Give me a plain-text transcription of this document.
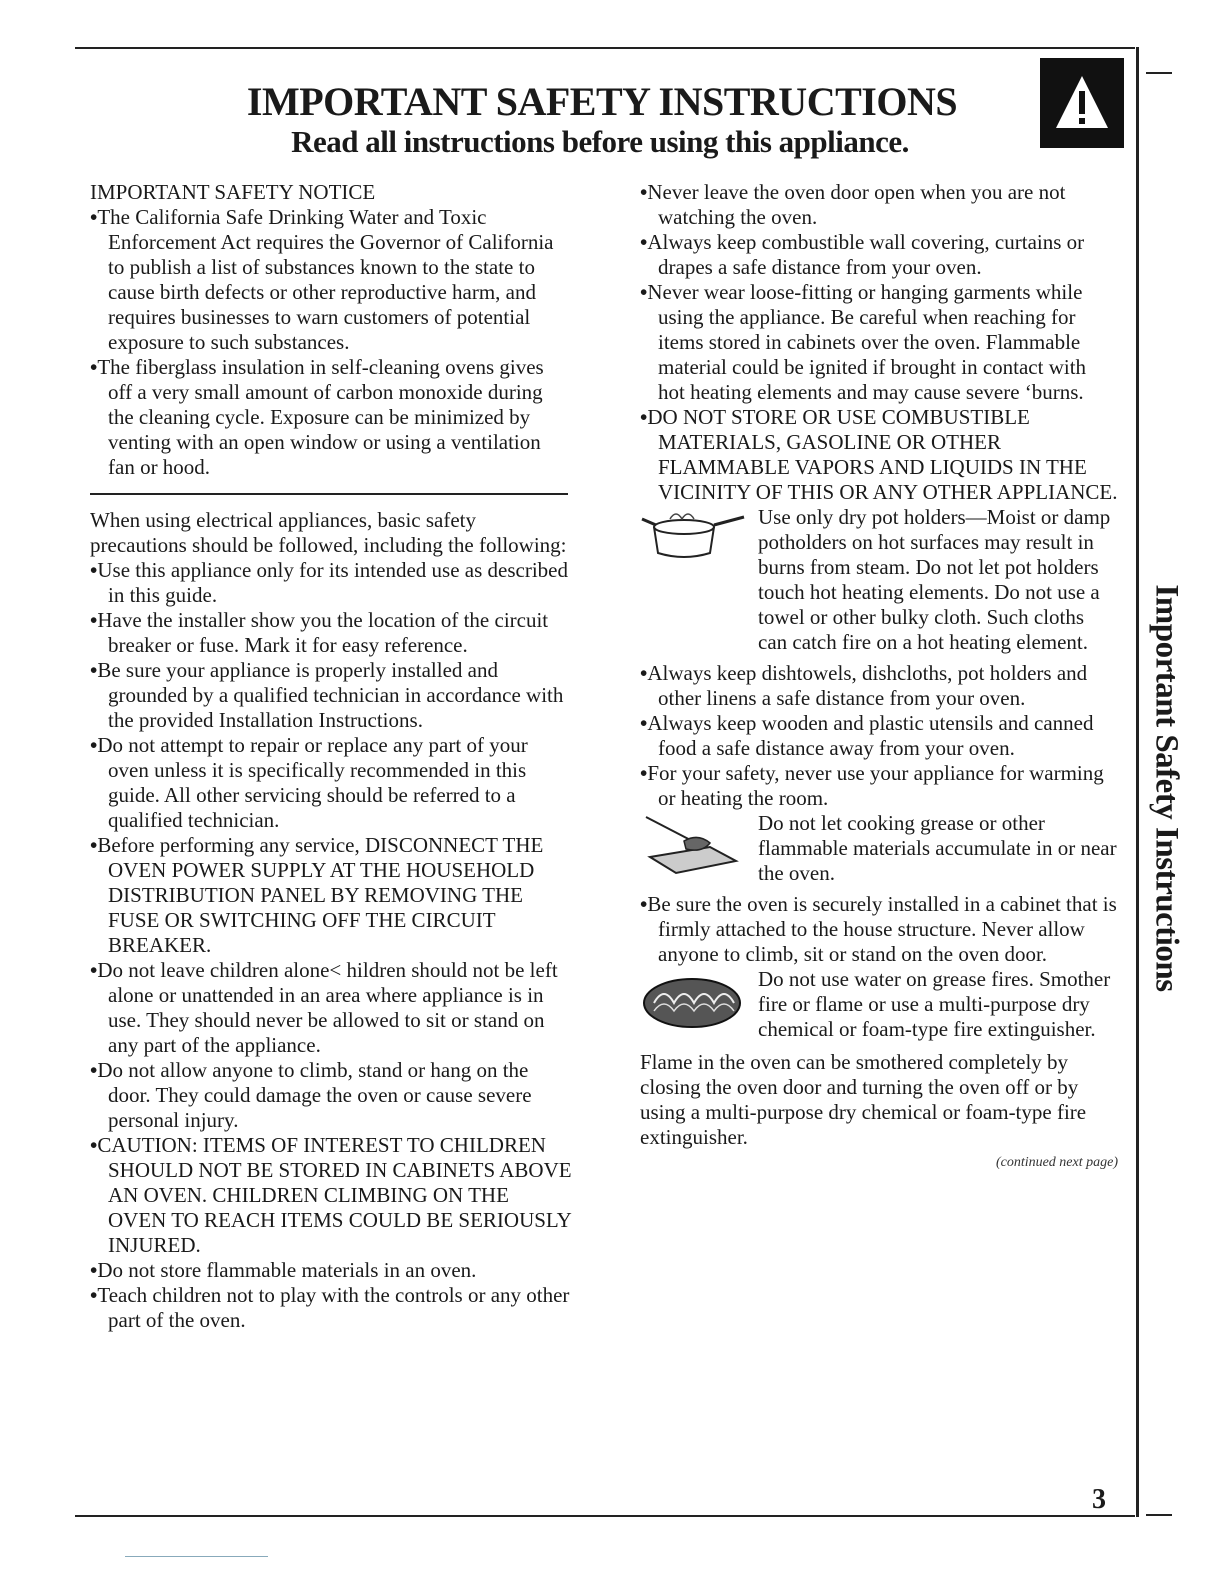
IMPORTANT SAFETY INSTRUCTIONS
Read all instructions before using this appliance.

IMPORTANT SAFETY NOTICE

•The California Safe Drinking Water and Toxic Enforcement Act requires the Governor of California to publish a list of substances known to the state to cause birth defects or other reproductive harm, and requires businesses to warn customers of potential exposure to such substances.

•The fiberglass insulation in self-cleaning ovens gives off a very small amount of carbon monoxide during the cleaning cycle. Exposure can be minimized by venting with an open window or using a ventilation fan or hood.

When using electrical appliances, basic safety precautions should be followed, including the following:

•Use this appliance only for its intended use as described in this guide.

•Have the installer show you the location of the circuit breaker or fuse. Mark it for easy reference.

•Be sure your appliance is properly installed and grounded by a qualified technician in accordance with the provided Installation Instructions.

•Do not attempt to repair or replace any part of your oven unless it is specifically recommended in this guide. All other servicing should be referred to a qualified technician.

•Before performing any service, DISCONNECT THE OVEN POWER SUPPLY AT THE HOUSEHOLD DISTRIBUTION PANEL BY REMOVING THE FUSE OR SWITCHING OFF THE CIRCUIT BREAKER.

•Do not leave children alone< hildren should not be left alone or unattended in an area where appliance is in use. They should never be allowed to sit or stand on any part of the appliance.

•Do not allow anyone to climb, stand or hang on the door. They could damage the oven or cause severe personal injury.

•CAUTION: ITEMS OF INTEREST TO CHILDREN SHOULD NOT BE STORED IN CABINETS ABOVE AN OVEN. CHILDREN CLIMBING ON THE OVEN TO REACH ITEMS COULD BE SERIOUSLY INJURED.

•Do not store flammable materials in an oven.

•Teach children not to play with the controls or any other part of the oven.

•Never leave the oven door open when you are not watching the oven.

•Always keep combustible wall covering, curtains or drapes a safe distance from your oven.

•Never wear loose-fitting or hanging garments while using the appliance. Be careful when reaching for items stored in cabinets over the oven. Flammable material could be ignited if brought in contact with hot heating elements and may cause severe ‘burns.

•DO NOT STORE OR USE COMBUSTIBLE MATERIALS, GASOLINE OR OTHER FLAMMABLE VAPORS AND LIQUIDS IN THE VICINITY OF THIS OR ANY OTHER APPLIANCE.

Use only dry pot holders—Moist or damp potholders on hot surfaces may result in burns from steam. Do not let pot holders touch hot heating elements. Do not use a towel or other bulky cloth. Such cloths can catch fire on a hot heating element.

•Always keep dishtowels, dishcloths, pot holders and other linens a safe distance from your oven.

•Always keep wooden and plastic utensils and canned food a safe distance away from your oven.

•For your safety, never use your appliance for warming or heating the room.

Do not let cooking grease or other flammable materials accumulate in or near the oven.

•Be sure the oven is securely installed in a cabinet that is firmly attached to the house structure. Never allow anyone to climb, sit or stand on the oven door.

Do not use water on grease fires. Smother fire or flame or use a multi-purpose dry chemical or foam-type fire extinguisher.

Flame in the oven can be smothered completely by closing the oven door and turning the oven off or by using a multi-purpose dry chemical or foam-type fire extinguisher.

(continued next page)

Important Safety Instructions
3
